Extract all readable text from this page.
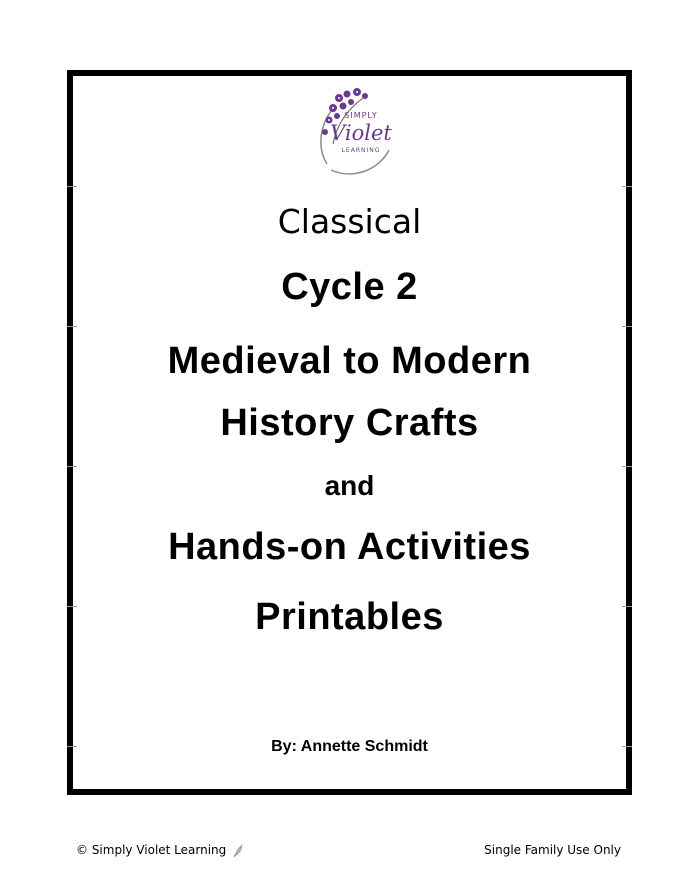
SIMPLY
Violet
LEARNING
Classical
Cycle 2
Medieval to Modern
History Crafts
and
Hands-on Activities
Printables
By: Annette Schmidt
© Simply Violet Learning	Single Family Use Only
